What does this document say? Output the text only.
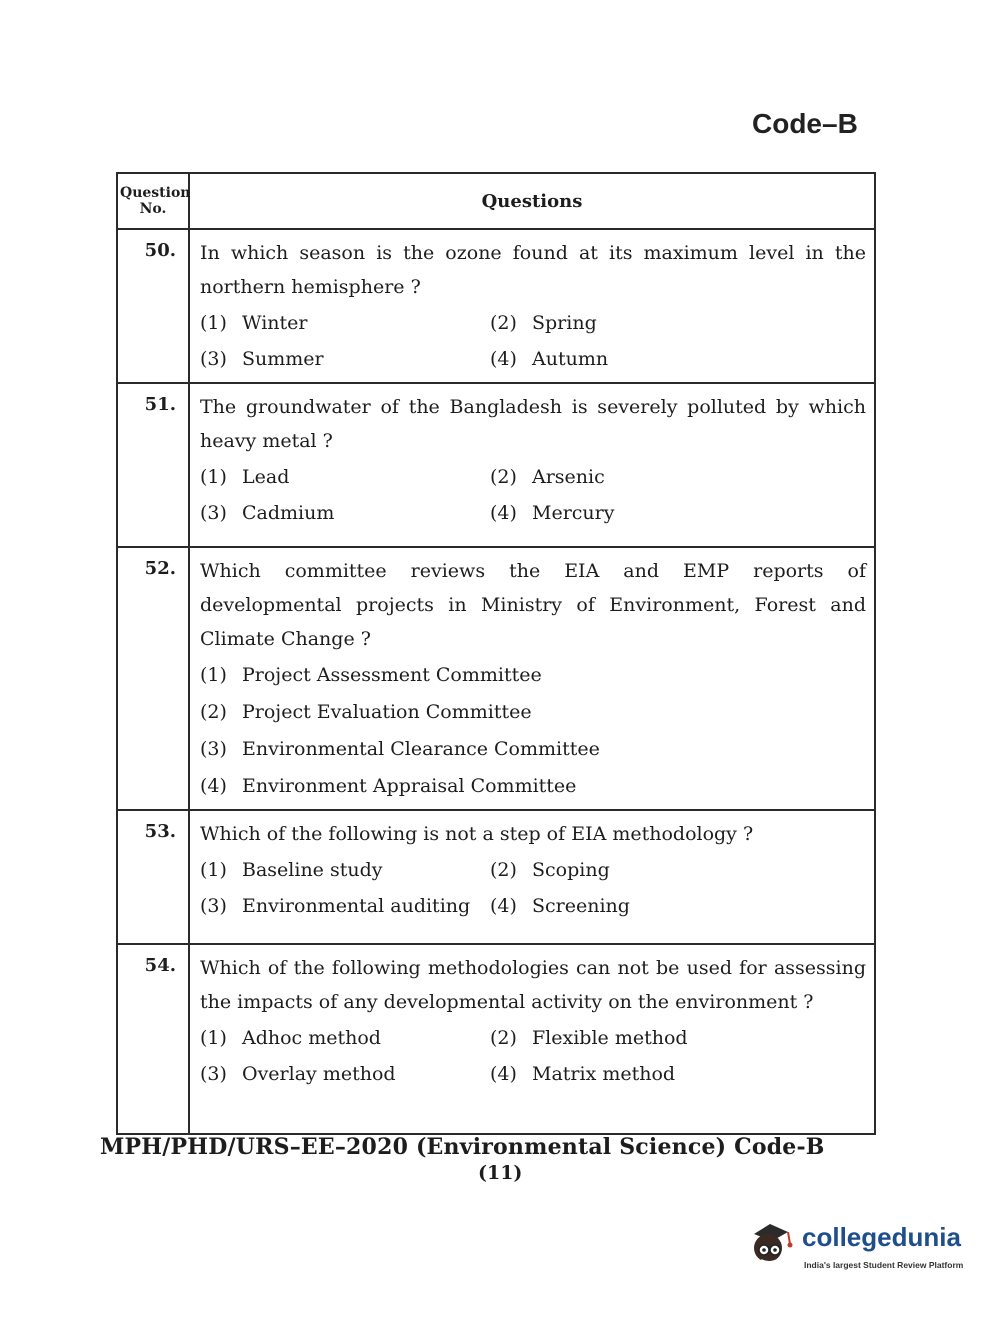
Code–B
Question No.	Questions
50.	In which season is the ozone found at its maximum level in the northern hemisphere ?
(1) Winter (2) Spring
(3) Summer (4) Autumn

51.	The groundwater of the Bangladesh is severely polluted by which heavy metal ?
(1) Lead (2) Arsenic
(3) Cadmium (4) Mercury

52.	Which committee reviews the EIA and EMP reports of developmental projects in Ministry of Environment, Forest and Climate Change ?
(1) Project Assessment Committee
(2) Project Evaluation Committee
(3) Environmental Clearance Committee
(4) Environment Appraisal Committee

53.	Which of the following is not a step of EIA methodology ?
(1) Baseline study (2) Scoping
(3) Environmental auditing (4) Screening

54.	Which of the following methodologies can not be used for assessing the impacts of any developmental activity on the environment ?
(1) Adhoc method (2) Flexible method
(3) Overlay method (4) Matrix method
MPH/PHD/URS–EE–2020 (Environmental Science) Code-B
(11)
collegedunia
India's largest Student Review Platform
